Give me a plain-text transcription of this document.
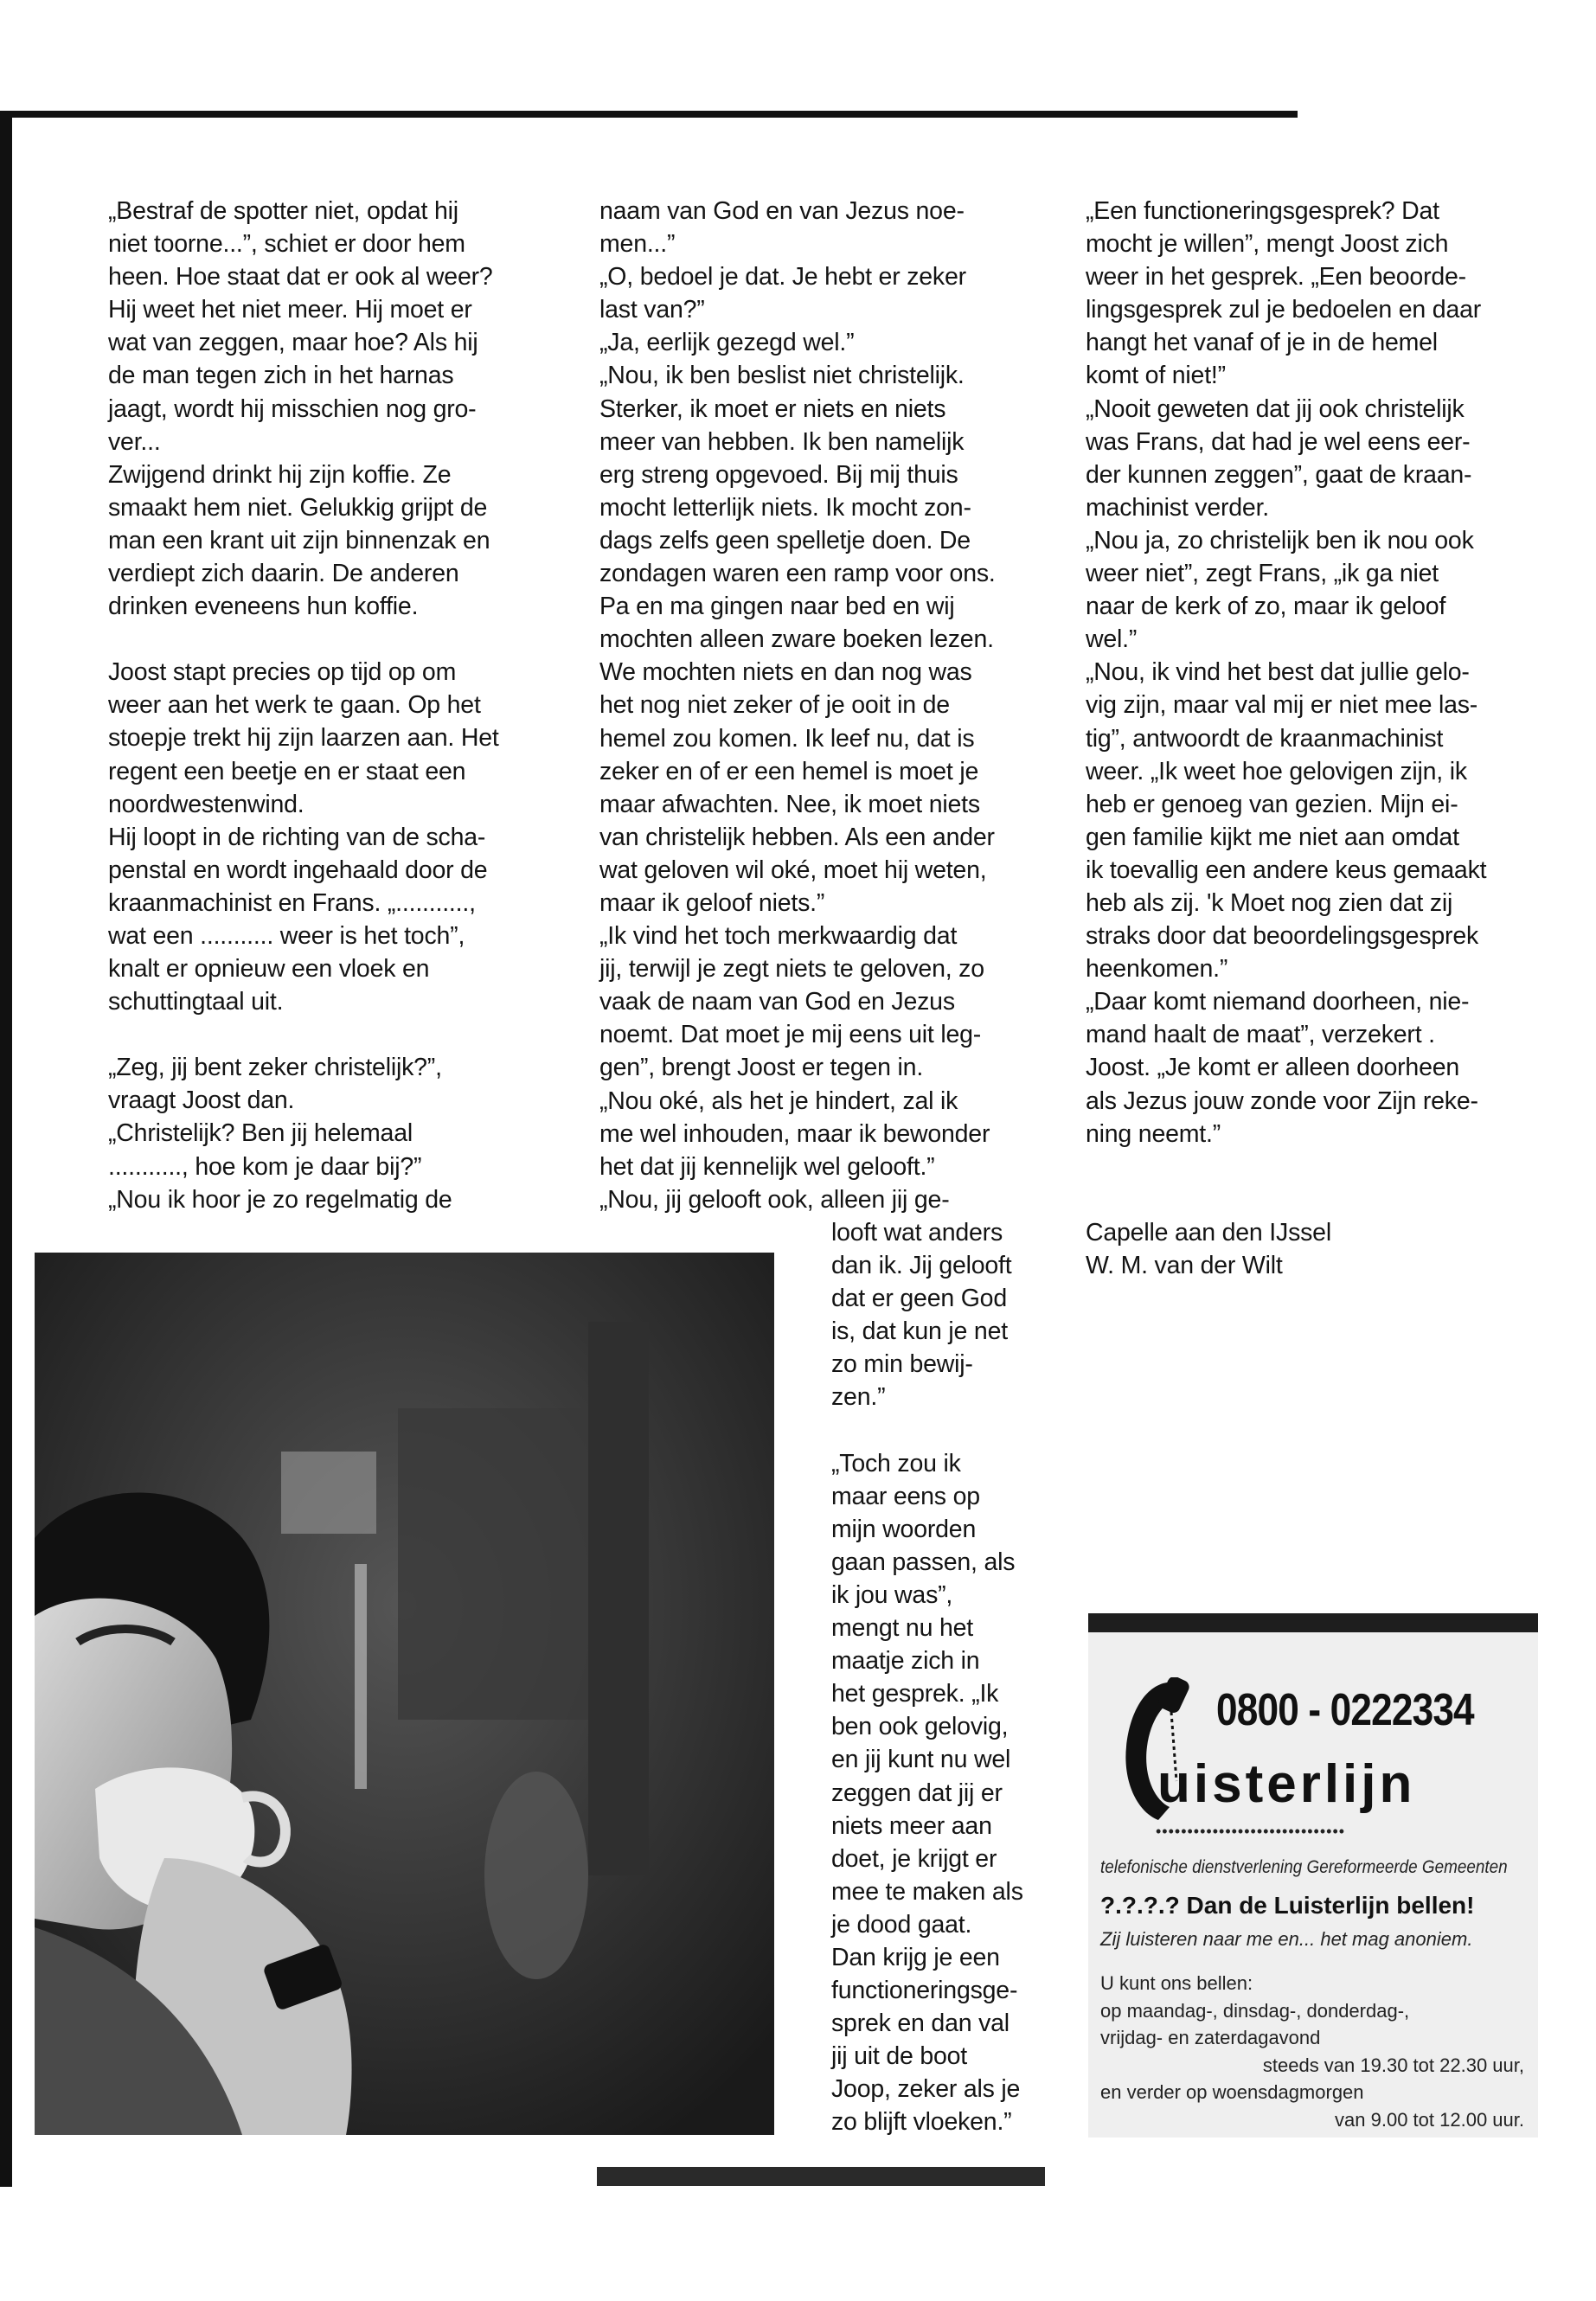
„Bestraf de spotter niet, opdat hij
niet toorne...”, schiet er door hem
heen. Hoe staat dat er ook al weer?
Hij weet het niet meer. Hij moet er
wat van zeggen, maar hoe? Als hij
de man tegen zich in het harnas
jaagt, wordt hij misschien nog gro-
ver...
Zwijgend drinkt hij zijn koffie. Ze
smaakt hem niet. Gelukkig grijpt de
man een krant uit zijn binnenzak en
verdiept zich daarin. De anderen
drinken eveneens hun koffie.
Joost stapt precies op tijd op om
weer aan het werk te gaan. Op het
stoepje trekt hij zijn laarzen aan. Het
regent een beetje en er staat een
noordwestenwind.
Hij loopt in de richting van de scha-
penstal en wordt ingehaald door de
kraanmachinist en Frans. „...........,
wat een ........... weer is het toch”,
knalt er opnieuw een vloek en
schuttingtaal uit.
„Zeg, jij bent zeker christelijk?”,
vraagt Joost dan.
„Christelijk? Ben jij helemaal
..........., hoe kom je daar bij?”
„Nou ik hoor je zo regelmatig de
naam van God en van Jezus noe-
men...”
„O, bedoel je dat. Je hebt er zeker
last van?”
„Ja, eerlijk gezegd wel.”
„Nou, ik ben beslist niet christelijk.
Sterker, ik moet er niets en niets
meer van hebben. Ik ben namelijk
erg streng opgevoed. Bij mij thuis
mocht letterlijk niets. Ik mocht zon-
dags zelfs geen spelletje doen. De
zondagen waren een ramp voor ons.
Pa en ma gingen naar bed en wij
mochten alleen zware boeken lezen.
We mochten niets en dan nog was
het nog niet zeker of je ooit in de
hemel zou komen. Ik leef nu, dat is
zeker en of er een hemel is moet je
maar afwachten. Nee, ik moet niets
van christelijk hebben. Als een ander
wat geloven wil oké, moet hij weten,
maar ik geloof niets.”
„Ik vind het toch merkwaardig dat
jij, terwijl je zegt niets te geloven, zo
vaak de naam van God en Jezus
noemt. Dat moet je mij eens uit leg-
gen”, brengt Joost er tegen in.
„Nou oké, als het je hindert, zal ik
me wel inhouden, maar ik bewonder
het dat jij kennelijk wel gelooft.”
„Nou, jij gelooft ook, alleen jij ge-
looft wat anders
dan ik. Jij gelooft
dat er geen God
is, dat kun je net
zo min bewij-
zen.”
„Toch zou ik
maar eens op
mijn woorden
gaan passen, als
ik jou was”,
mengt nu het
maatje zich in
het gesprek. „Ik
ben ook gelovig,
en jij kunt nu wel
zeggen dat jij er
niets meer aan
doet, je krijgt er
mee te maken als
je dood gaat.
Dan krijg je een
functioneringsge-
sprek en dan val
jij uit de boot
Joop, zeker als je
zo blijft vloeken.”
„Een functioneringsgesprek? Dat
mocht je willen”, mengt Joost zich
weer in het gesprek. „Een beoorde-
lingsgesprek zul je bedoelen en daar
hangt het vanaf of je in de hemel
komt of niet!”
„Nooit geweten dat jij ook christelijk
was Frans, dat had je wel eens eer-
der kunnen zeggen”, gaat de kraan-
machinist verder.
„Nou ja, zo christelijk ben ik nou ook
weer niet”, zegt Frans, „ik ga niet
naar de kerk of zo, maar ik geloof
wel.”
„Nou, ik vind het best dat jullie gelo-
vig zijn, maar val mij er niet mee las-
tig”, antwoordt de kraanmachinist
weer. „Ik weet hoe gelovigen zijn, ik
heb er genoeg van gezien. Mijn ei-
gen familie kijkt me niet aan omdat
ik toevallig een andere keus gemaakt
heb als zij. 'k Moet nog zien dat zij
straks door dat beoordelingsgesprek
heenkomen.”
„Daar komt niemand doorheen, nie-
mand haalt de maat”, verzekert .
Joost. „Je komt er alleen doorheen
als Jezus jouw zonde voor Zijn reke-
ning neemt.”
Capelle aan den IJssel
W. M. van der Wilt
0800 - 0222334
uisterlijn
••••••••••••••••••••••••••••••
telefonische dienstverlening Gereformeerde Gemeenten
?.?.?.? Dan de Luisterlijn bellen!
Zij luisteren naar me en... het mag anoniem.
U kunt ons bellen:
op maandag-, dinsdag-, donderdag-,
vrijdag- en zaterdagavond
steeds van 19.30 tot 22.30 uur,
en verder op woensdagmorgen
van 9.00 tot 12.00 uur.
